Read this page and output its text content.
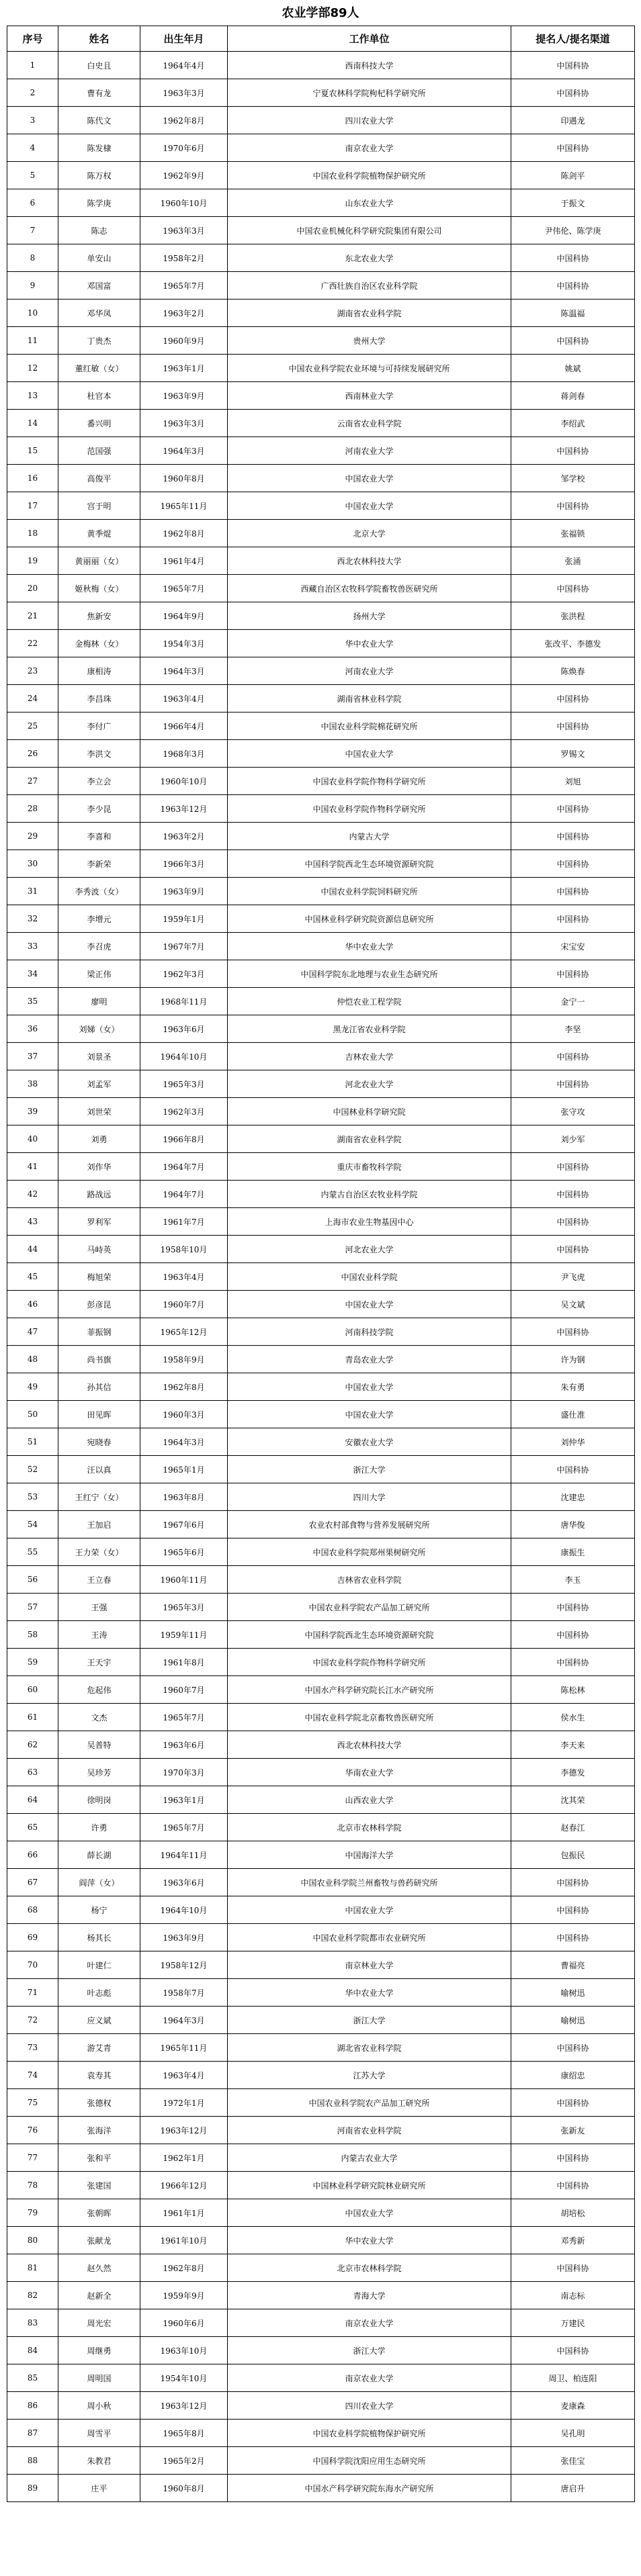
农业学部89人
序号	姓名	出生年月	工作单位	提名人/提名渠道
1	白史且	1964年4月	西南科技大学	中国科协
2	曹有龙	1963年3月	宁夏农林科学院枸杞科学研究所	中国科协
3	陈代文	1962年8月	四川农业大学	印遇龙
4	陈发棣	1970年6月	南京农业大学	中国科协
5	陈万权	1962年9月	中国农业科学院植物保护研究所	陈剑平
6	陈学庚	1960年10月	山东农业大学	于振文
7	陈志	1963年3月	中国农业机械化科学研究院集团有限公司	尹伟伦、陈学庚
8	单安山	1958年2月	东北农业大学	中国科协
9	邓国富	1965年7月	广西壮族自治区农业科学院	中国科协
10	邓华凤	1963年2月	湖南省农业科学院	陈温福
11	丁贵杰	1960年9月	贵州大学	中国科协
12	董红敏（女）	1963年1月	中国农业科学院农业环境与可持续发展研究所	姚斌
13	杜官本	1963年9月	西南林业大学	蒋剑春
14	番兴明	1963年3月	云南省农业科学院	李绍武
15	范国强	1964年3月	河南农业大学	中国科协
16	高俊平	1960年8月	中国农业大学	邹学校
17	宫于明	1965年11月	中国农业大学	中国科协
18	黄季焜	1962年8月	北京大学	张福锁
19	黄丽丽（女）	1961年4月	西北农林科技大学	张涌
20	姬秋梅（女）	1965年7月	西藏自治区农牧科学院畜牧兽医研究所	中国科协
21	焦新安	1964年9月	扬州大学	张洪程
22	金梅林（女）	1954年3月	华中农业大学	张改平、李德发
23	康相涛	1964年3月	河南农业大学	陈焕春
24	李昌珠	1963年4月	湖南省林业科学院	中国科协
25	李付广	1966年4月	中国农业科学院棉花研究所	中国科协
26	李洪文	1968年3月	中国农业大学	罗锡文
27	李立会	1960年10月	中国农业科学院作物科学研究所	刘旭
28	李少昆	1963年12月	中国农业科学院作物科学研究所	中国科协
29	李喜和	1963年2月	内蒙古大学	中国科协
30	李新荣	1966年3月	中国科学院西北生态环境资源研究院	中国科协
31	李秀波（女）	1963年9月	中国农业科学院饲料研究所	中国科协
32	李增元	1959年1月	中国林业科学研究院资源信息研究所	中国科协
33	李召虎	1967年7月	华中农业大学	宋宝安
34	梁正伟	1962年3月	中国科学院东北地理与农业生态研究所	中国科协
35	廖明	1968年11月	仲恺农业工程学院	金宁一
36	刘娣（女）	1963年6月	黑龙江省农业科学院	李坚
37	刘景圣	1964年10月	吉林农业大学	中国科协
38	刘孟军	1965年3月	河北农业大学	中国科协
39	刘世荣	1962年3月	中国林业科学研究院	张守攻
40	刘勇	1966年8月	湖南省农业科学院	刘少军
41	刘作华	1964年7月	重庆市畜牧科学院	中国科协
42	路战远	1964年7月	内蒙古自治区农牧业科学院	中国科协
43	罗利军	1961年7月	上海市农业生物基因中心	中国科协
44	马峙英	1958年10月	河北农业大学	中国科协
45	梅旭荣	1963年4月	中国农业科学院	尹飞虎
46	彭彦昆	1960年7月	中国农业大学	吴文斌
47	菲振钢	1965年12月	河南科技学院	中国科协
48	尚书旗	1958年9月	青岛农业大学	许为钢
49	孙其信	1962年8月	中国农业大学	朱有勇
50	田见晖	1960年3月	中国农业大学	盛仕准
51	宛晓春	1964年3月	安徽农业大学	刘仲华
52	汪以真	1965年1月	浙江大学	中国科协
53	王红宁（女）	1963年8月	四川大学	沈建忠
54	王加启	1967年6月	农业农村部食物与营养发展研究所	唐华俊
55	王力荣（女）	1965年6月	中国农业科学院郑州果树研究所	康振生
56	王立春	1960年11月	吉林省农业科学院	李玉
57	王强	1965年3月	中国农业科学院农产品加工研究所	中国科协
58	王涛	1959年11月	中国科学院西北生态环境资源研究院	中国科协
59	王天宇	1961年8月	中国农业科学院作物科学研究所	中国科协
60	危起伟	1960年7月	中国水产科学研究院长江水产研究所	陈松林
61	文杰	1965年7月	中国农业科学院北京畜牧兽医研究所	侯水生
62	吴普特	1963年6月	西北农林科技大学	李天来
63	吴珍芳	1970年3月	华南农业大学	李德发
64	徐明岗	1963年1月	山西农业大学	沈其荣
65	许勇	1965年7月	北京市农林科学院	赵春江
66	薛长湖	1964年11月	中国海洋大学	包振民
67	阎萍（女）	1963年6月	中国农业科学院兰州畜牧与兽药研究所	中国科协
68	杨宁	1964年10月	中国农业大学	中国科协
69	杨其长	1963年9月	中国农业科学院都市农业研究所	中国科协
70	叶建仁	1958年12月	南京林业大学	曹福亮
71	叶志彪	1958年7月	华中农业大学	喻树迅
72	应义斌	1964年3月	浙江大学	喻树迅
73	游艾青	1965年11月	湖北省农业科学院	中国科协
74	袁寿其	1963年4月	江苏大学	康绍忠
75	张德权	1972年1月	中国农业科学院农产品加工研究所	中国科协
76	张海洋	1963年12月	河南省农业科学院	张新友
77	张和平	1962年1月	内蒙古农业大学	中国科协
78	张建国	1966年12月	中国林业科学研究院林业研究所	中国科协
79	张朝晖	1961年1月	中国农业大学	胡培松
80	张献龙	1961年10月	华中农业大学	邓秀新
81	赵久然	1962年8月	北京市农林科学院	中国科协
82	赵新全	1959年9月	青海大学	南志标
83	周光宏	1960年6月	南京农业大学	万建民
84	周继勇	1963年10月	浙江大学	中国科协
85	周明国	1954年10月	南京农业大学	周卫、柏连阳
86	周小秋	1963年12月	四川农业大学	麦康森
87	周雪平	1965年8月	中国农业科学院植物保护研究所	吴孔明
88	朱教君	1965年2月	中国科学院沈阳应用生态研究所	张佳宝
89	庄平	1960年8月	中国水产科学研究院东海水产研究所	唐启升
